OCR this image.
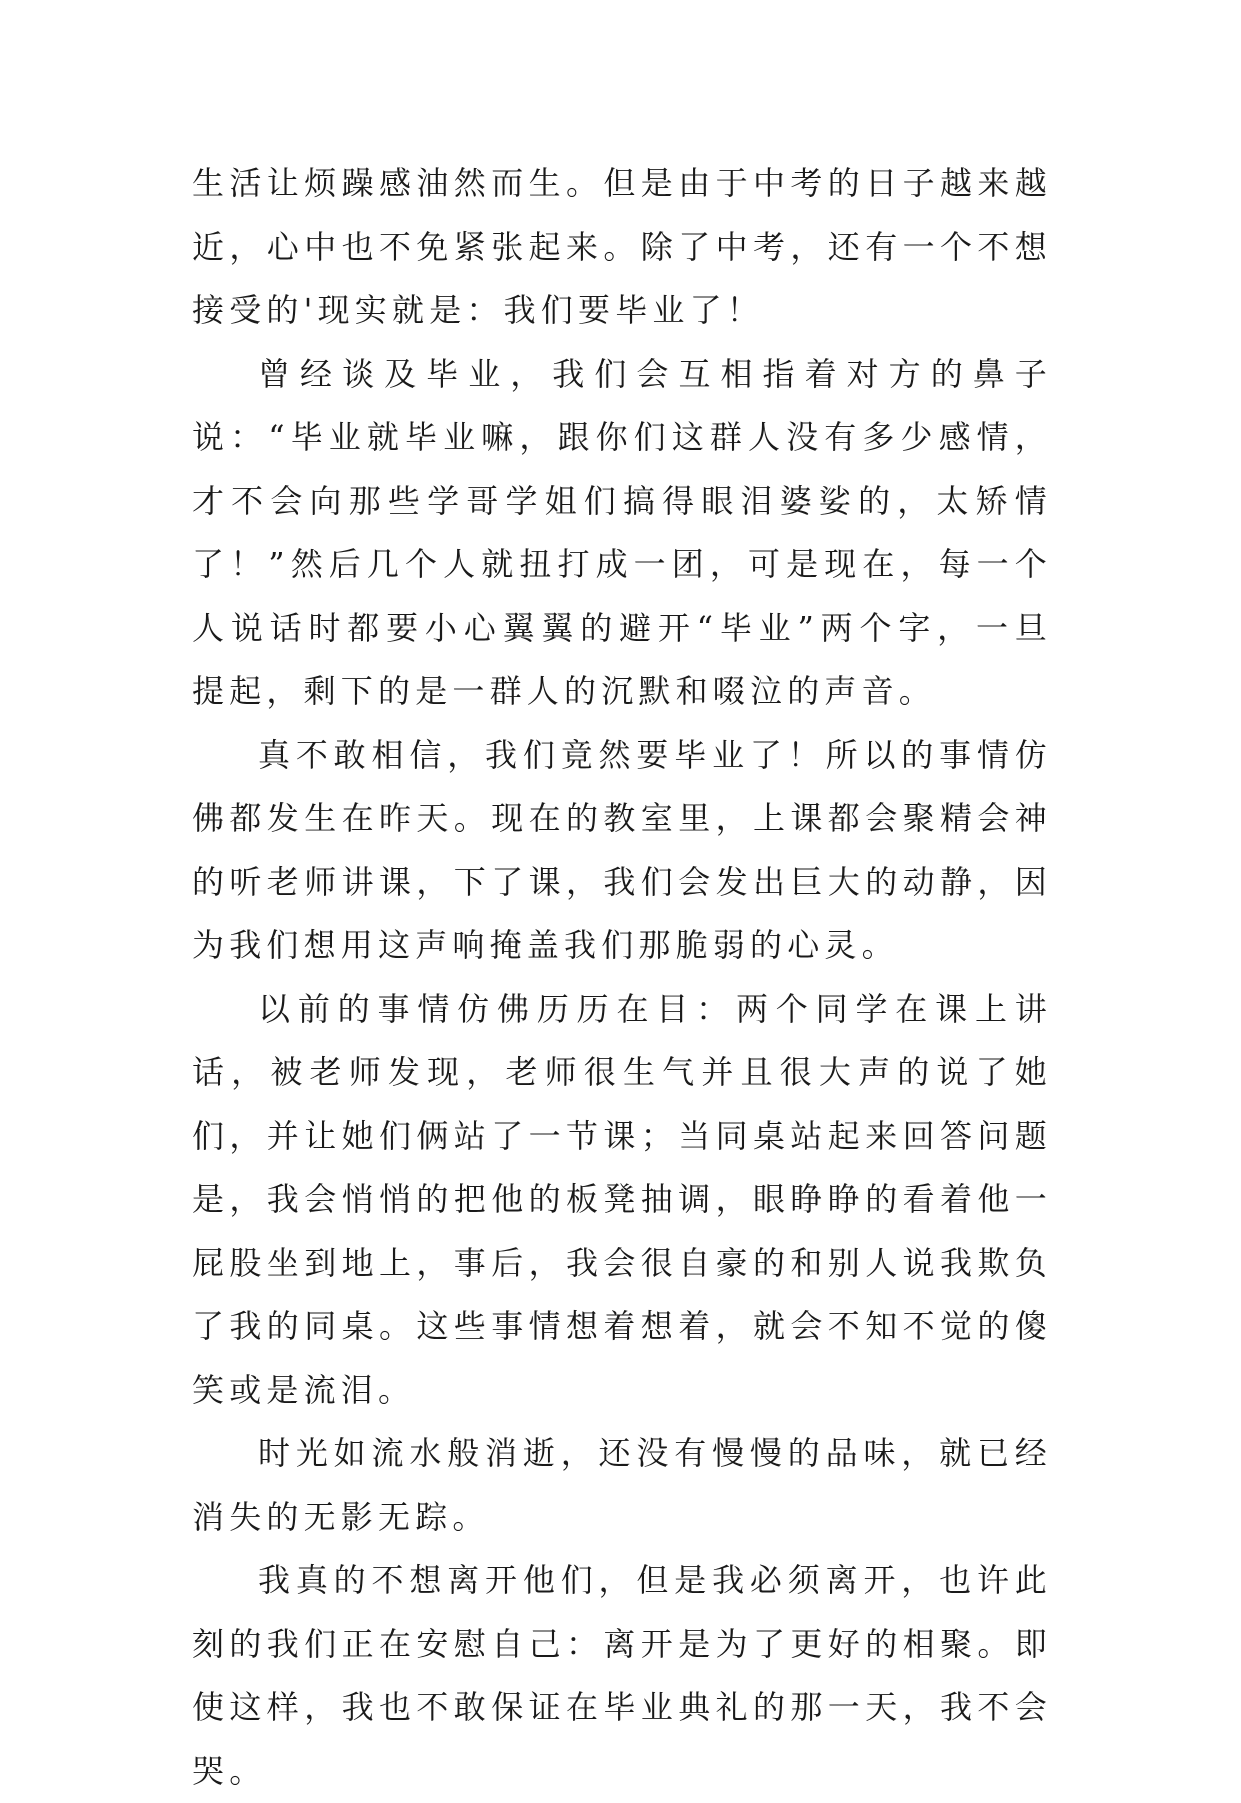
生活让烦躁感油然而生。但是由于中考的日子越来越近，心中也不免紧张起来。除了中考，还有一个不想接受的'现实就是：我们要毕业了！

曾经谈及毕业，我们会互相指着对方的鼻子说：“毕业就毕业嘛，跟你们这群人没有多少感情，才不会向那些学哥学姐们搞得眼泪婆娑的，太矫情了！”然后几个人就扭打成一团，可是现在，每一个人说话时都要小心翼翼的避开“毕业”两个字，一旦提起，剩下的是一群人的沉默和啜泣的声音。

真不敢相信，我们竟然要毕业了！所以的事情仿佛都发生在昨天。现在的教室里，上课都会聚精会神的听老师讲课，下了课，我们会发出巨大的动静，因为我们想用这声响掩盖我们那脆弱的心灵。

以前的事情仿佛历历在目：两个同学在课上讲话，被老师发现，老师很生气并且很大声的说了她们，并让她们俩站了一节课；当同桌站起来回答问题是，我会悄悄的把他的板凳抽调，眼睁睁的看着他一屁股坐到地上，事后，我会很自豪的和别人说我欺负了我的同桌。这些事情想着想着，就会不知不觉的傻笑或是流泪。

时光如流水般消逝，还没有慢慢的品味，就已经消失的无影无踪。

我真的不想离开他们，但是我必须离开，也许此刻的我们正在安慰自己：离开是为了更好的相聚。即使这样，我也不敢保证在毕业典礼的那一天，我不会哭。
